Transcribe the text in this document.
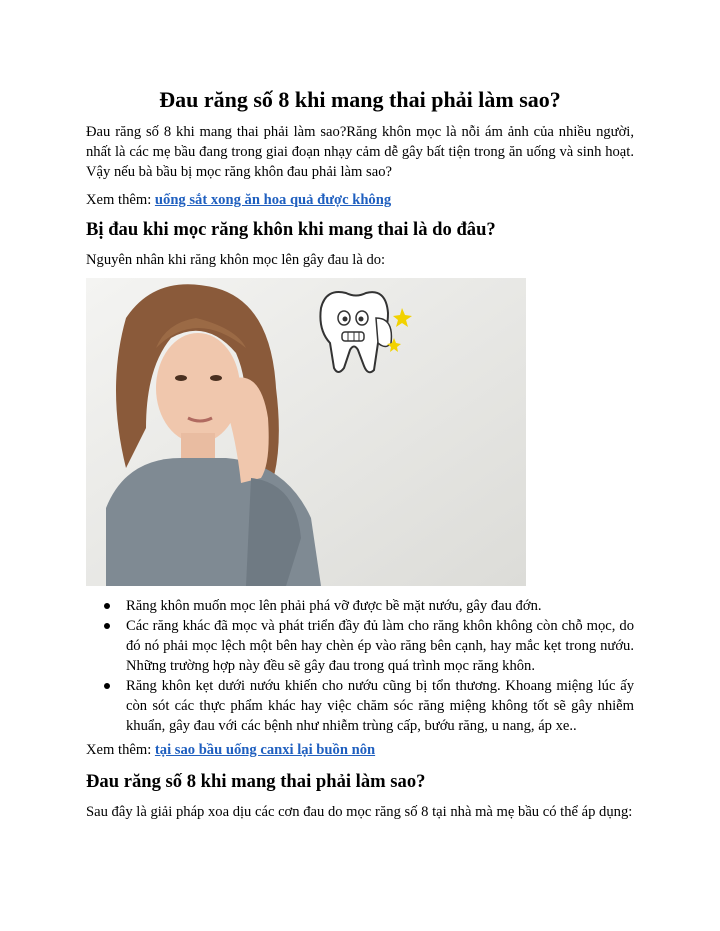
Đau răng số 8 khi mang thai phải làm sao?

Đau răng số 8 khi mang thai phải làm sao?Răng khôn mọc là nỗi ám ảnh của nhiều người, nhất là các mẹ bầu đang trong giai đoạn nhạy cảm dễ gây bất tiện trong ăn uống và sinh hoạt. Vậy nếu bà bầu bị mọc răng khôn đau phải làm sao?

Xem thêm: uống sắt xong ăn hoa quả được không

Bị đau khi mọc răng khôn khi mang thai là do đâu?

Nguyên nhân khi răng khôn mọc lên gây đau là do:

Răng khôn muốn mọc lên phải phá vỡ được bề mặt nướu, gây đau đớn.
Các răng khác đã mọc và phát triển đầy đủ làm cho răng khôn không còn chỗ mọc, do đó nó phải mọc lệch một bên hay chèn ép vào răng bên cạnh, hay mắc kẹt trong nướu. Những trường hợp này đều sẽ gây đau trong quá trình mọc răng khôn.
Răng khôn kẹt dưới nướu khiến cho nướu cũng bị tổn thương. Khoang miệng lúc ấy còn sót các thực phẩm khác hay việc chăm sóc răng miệng không tốt sẽ gây nhiễm khuẩn, gây đau với các bệnh như nhiễm trùng cấp, bướu răng, u nang, áp xe..

Xem thêm: tại sao bầu uống canxi lại buồn nôn

Đau răng số 8 khi mang thai phải làm sao?

Sau đây là giải pháp xoa dịu các cơn đau do mọc răng số 8 tại nhà mà mẹ bầu có thể áp dụng:
